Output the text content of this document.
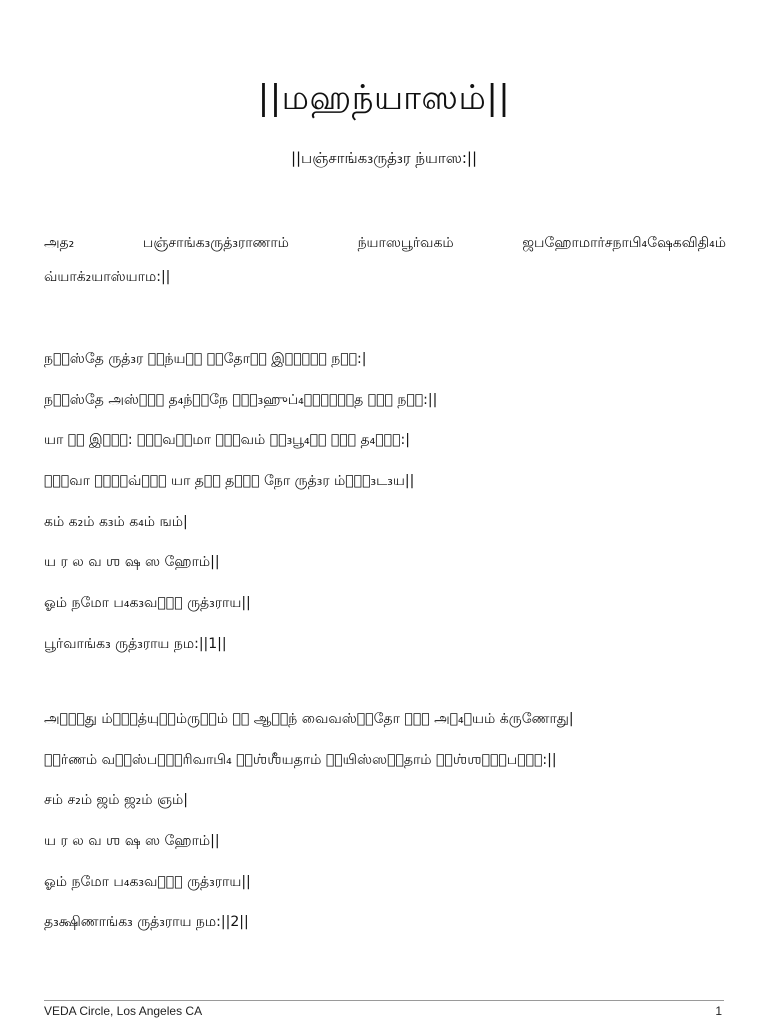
||மஹந்யாஸம்||
||பஞ்சாங்க₃ருத்₃ர ந்யாஸ:||
அத₂	பஞ்சாங்க₃ருத்₃ராணாம்	ந்யாஸபூர்வகம்	ஜபஹோமார்சநாபி₄ஷேகவிதி₄ம்
வ்யாக்₂யாஸ்யாம:||
நம॑ஸ்தே ருத்₃ர ம॒ந்யவ॑ உ॒தோத॒ இஷ॑வே॒ நம॑:|
நம॑ஸ்தே அஸ்து॒ த₄ந்வ॑நே பா॒₃ஹுப்₄யா॑மு॒த தே॒ நம॑:||
யா த॒ இஷு॑: ஶி॒வத॑மா ஶி॒வம் ப॒₃பூ₄வ॑ தே॒ த₄நு॑:|
ஶி॒வா ஶ॑ர॒வ்யா॑ யா தவ॒ தயா॑ நோ ருத்₃ர ம்ரு॒₃ட₃ய||
கம் க₂ம் க₃ம் க₄ம் ஙம்|
ய ர ல வ ஶ ஷ ஸ ஹோம்||
ஓம் நமோ ப₄க₃வதே॑ ருத்₃ராய||
பூர்வாங்க₃ ருத்₃ராய நம:||1||
அபை॑து ம்ரு॒த்யுர॒ம்ருத॒ம் ந॒ ஆக॑ந் வைவஸ்வ॒தோ நோ॒ அப₄॑யம் க்ருணோது|
ப॒ர்ணம் வந॒ஸ்பதே॑ரிவாபி₄ ந॑ஶ்ஶீயதாம் ர॒யிஸ்ஸச॑தாம் ந॒ஶ்ஶசீ॒பதி॑:||
சம் ச₂ம் ஜம் ஜ₂ம் ஞம்|
ய ர ல வ ஶ ஷ ஸ ஹோம்||
ஓம் நமோ ப₄க₃வதே॑ ருத்₃ராய||
த₃க்ஷிணாங்க₃ ருத்₃ராய நம:||2||
VEDA Circle, Los Angeles CA	1
